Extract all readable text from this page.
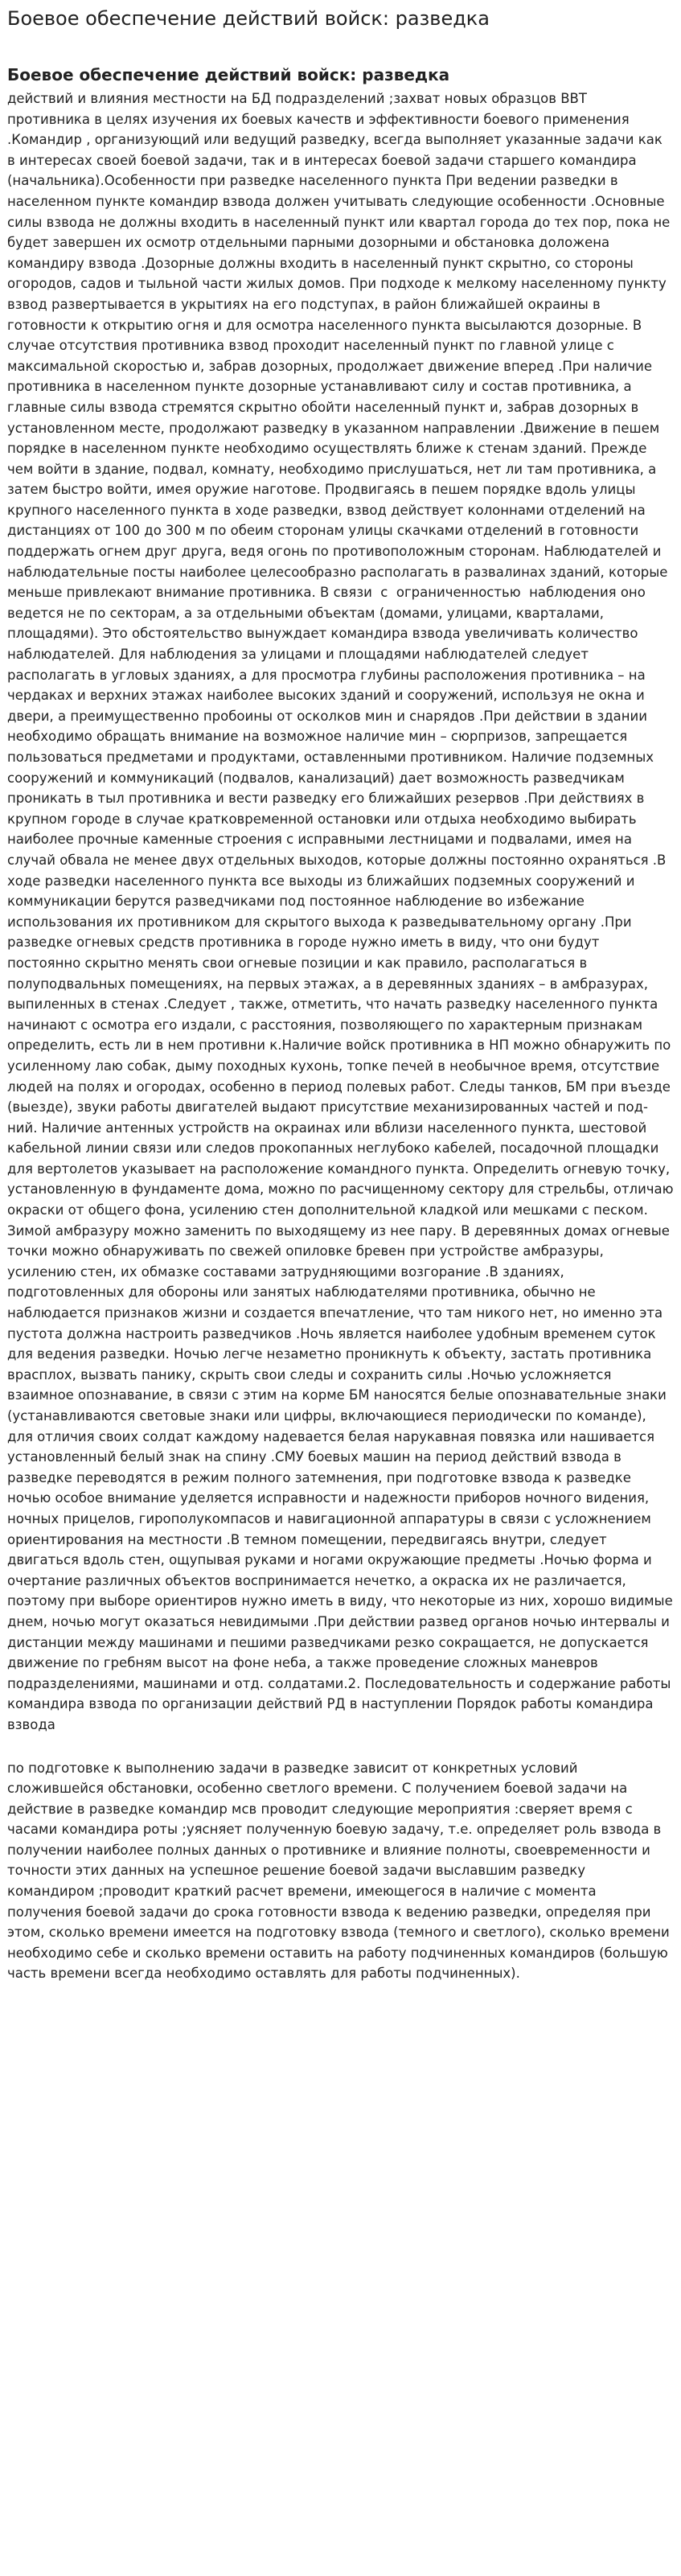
Боевое обеспечение действий войск: разведка
Боевое обеспечение действий войск: разведка
действий и влияния местности на БД подразделений ;захват новых образцов ВВТ противника в целях изучения их боевых качеств и эффективности боевого применения .Командир , организующий или ведущий разведку, всегда выполняет указанные задачи как в интересах своей боевой задачи, так и в интересах боевой задачи старшего командира (начальника).Особенности при разведке населенного пункта При ведении разведки в населенном пункте командир взвода должен учитывать следующие особенности .Основные силы взвода не должны входить в населенный пункт или квартал города до тех пор, пока не будет завершен их осмотр отдельными парными дозорными и обстановка доложена командиру взвода .Дозорные должны входить в населенный пункт скрытно, со стороны огородов, садов и тыльной части жилых домов. При подходе к мелкому населенному пункту взвод развертывается в укрытиях на его подступах, в район ближайшей окраины в готовности к открытию огня и для осмотра населенного пункта высылаются дозорные. В случае отсутствия противника взвод проходит населенный пункт по главной улице с максимальной скоростью и, забрав дозорных, продолжает движение вперед .При наличие противника в населенном пункте дозорные устанавливают силу и состав противника, а главные силы взвода стремятся скрытно обойти населенный пункт и, забрав дозорных в установленном месте, продолжают разведку в указанном направлении .Движение в пешем порядке в населенном пункте необходимо осуществлять ближе к стенам зданий. Прежде чем войти в здание, подвал, комнату, необходимо прислушаться, нет ли там противника, а затем быстро войти, имея оружие наготове. Продвигаясь в пешем порядке вдоль улицы крупного населенного пункта в ходе разведки, взвод действует колоннами отделений на дистанциях от 100 до 300 м по обеим сторонам улицы скачками отделений в готовности поддержать огнем друг друга, ведя огонь по противоположным сторонам. Наблюдателей и наблюдательные посты наиболее целесообразно располагать в развалинах зданий, которые меньше привлекают внимание противника. В связи  с  ограниченностью  наблюдения оно ведется не по секторам, а за отдельными объектам (домами, улицами, кварталами, площадями). Это обстоятельство вынуждает командира взвода увеличивать количество наблюдателей. Для наблюдения за улицами и площадями наблюдателей следует располагать в угловых зданиях, а для просмотра глубины расположения противника – на чердаках и верхних этажах наиболее высоких зданий и сооружений, используя не окна и двери, а преимущественно пробоины от осколков мин и снарядов .При действии в здании необходимо обращать внимание на возможное наличие мин – сюрпризов, запрещается пользоваться предметами и продуктами, оставленными противником. Наличие подземных сооружений и коммуникаций (подвалов, канализаций) дает возможность разведчикам проникать в тыл противника и вести разведку его ближайших резервов .При действиях в крупном городе в случае кратковременной остановки или отдыха необходимо выбирать наиболее прочные каменные строения с исправными лестницами и подвалами, имея на случай обвала не менее двух отдельных выходов, которые должны постоянно охраняться .В ходе разведки населенного пункта все выходы из ближайших подземных сооружений и коммуникации берутся разведчиками под постоянное наблюдение во избежание использования их противником для скрытого выхода к разведывательному органу .При разведке огневых средств противника в городе нужно иметь в виду, что они будут постоянно скрытно менять свои огневые позиции и как правило, располагаться в полуподвальных помещениях, на первых этажах, а в деревянных зданиях – в амбразурах, выпиленных в стенах .Следует , также, отметить, что начать разведку населенного пункта начинают с осмотра его издали, с расстояния, позволяющего по характерным признакам определить, есть ли в нем противни к.Наличие войск противника в НП можно обнаружить по усиленному лаю собак, дыму походных кухонь, топке печей в необычное время, отсутствие людей на полях и огородах, особенно в период полевых работ. Следы танков, БМ при въезде (выезде), звуки работы двигателей выдают присутствие механизированных частей и под-ний. Наличие антенных устройств на окраинах или вблизи населенного пункта, шестовой кабельной линии связи или следов прокопанных неглубоко кабелей, посадочной площадки для вертолетов указывает на расположение командного пункта. Определить огневую точку, установленную в фундаменте дома, можно по расчищенному сектору для стрельбы, отличаю окраски от общего фона, усилению стен дополнительной кладкой или мешками с песком. Зимой амбразуру можно заменить по выходящему из нее пару. В деревянных домах огневые точки можно обнаруживать по свежей опиловке бревен при устройстве амбразуры, усилению стен, их обмазке составами затрудняющими возгорание .В зданиях, подготовленных для обороны или занятых наблюдателями противника, обычно не наблюдается признаков жизни и создается впечатление, что там никого нет, но именно эта пустота должна настроить разведчиков .Ночь является наиболее удобным временем суток для ведения разведки. Ночью легче незаметно проникнуть к объекту, застать противника врасплох, вызвать панику, скрыть свои следы и сохранить силы .Ночью усложняется взаимное опознавание, в связи с этим на корме БМ наносятся белые опознавательные знаки (устанавливаются световые знаки или цифры, включающиеся периодически по команде), для отличия своих солдат каждому надевается белая нарукавная повязка или нашивается установленный белый знак на спину .СМУ боевых машин на период действий взвода в разведке переводятся в режим полного затемнения, при подготовке взвода к разведке ночью особое внимание уделяется исправности и надежности приборов ночного видения, ночных прицелов, гирополукомпасов и навигационной аппаратуры в связи с усложнением ориентирования на местности .В темном помещении, передвигаясь внутри, следует двигаться вдоль стен, ощупывая руками и ногами окружающие предметы .Ночью форма и очертание различных объектов воспринимается нечетко, а окраска их не различается, поэтому при выборе ориентиров нужно иметь в виду, что некоторые из них, хорошо видимые днем, ночью могут оказаться невидимыми .При действии развед органов ночью интервалы и дистанции между машинами и пешими разведчиками резко сокращается, не допускается движение по гребням высот на фоне неба, а также проведение сложных маневров подразделениями, машинами и отд. солдатами.2. Последовательность и содержание работы командира взвода по организации действий РД в наступлении Порядок работы командира взвода
по подготовке к выполнению задачи в разведке зависит от конкретных условий сложившейся обстановки, особенно светлого времени. С получением боевой задачи на действие в разведке командир мсв проводит следующие мероприятия :сверяет время с часами командира роты ;уясняет полученную боевую задачу, т.е. определяет роль взвода в получении наиболее полных данных о противнике и влияние полноты, своевременности и точности этих данных на успешное решение боевой задачи выславшим разведку командиром ;проводит краткий расчет времени, имеющегося в наличие с момента получения боевой задачи до срока готовности взвода к ведению разведки, определяя при этом, сколько времени имеется на подготовку взвода (темного и светлого), сколько времени необходимо себе и сколько времени оставить на работу подчиненных командиров (большую часть времени всегда необходимо оставлять для работы подчиненных).
